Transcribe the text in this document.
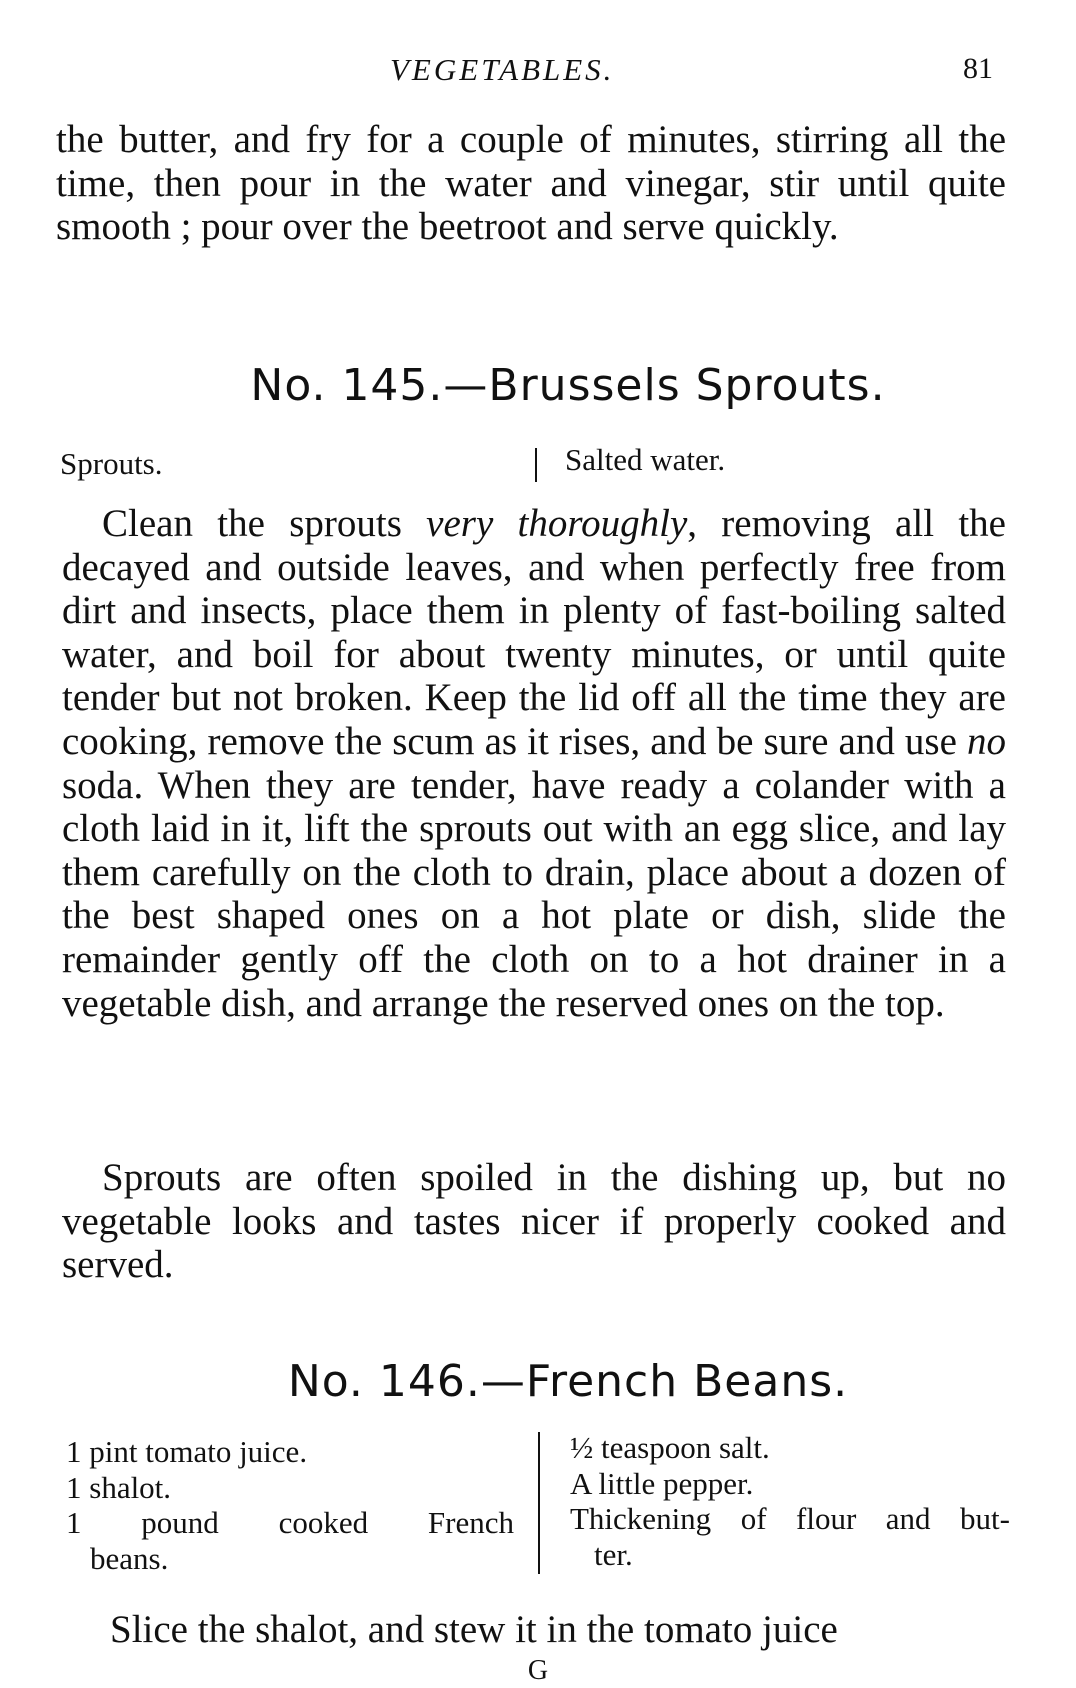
VEGETABLES.	81

the butter, and fry for a couple of minutes, stirring all the time, then pour in the water and vinegar, stir until quite smooth ; pour over the beetroot and serve quickly.

No. 145.—Brussels Sprouts.
Sprouts.	Salted water.

Clean the sprouts very thoroughly, removing all the decayed and outside leaves, and when perfectly free from dirt and insects, place them in plenty of fast-boiling salted water, and boil for about twenty minutes, or until quite tender but not broken. Keep the lid off all the time they are cooking, remove the scum as it rises, and be sure and use no soda. When they are tender, have ready a colander with a cloth laid in it, lift the sprouts out with an egg slice, and lay them carefully on the cloth to drain, place about a dozen of the best shaped ones on a hot plate or dish, slide the remainder gently off the cloth on to a hot drainer in a vegetable dish, and arrange the reserved ones on the top.

Sprouts are often spoiled in the dishing up, but no vegetable looks and tastes nicer if properly cooked and served.

No. 146.—French Beans.
1 pint tomato juice.
1 shalot.
1 pound cooked French
beans.
½ teaspoon salt.
A little pepper.
Thickening of flour and but-
ter.

Slice the shalot, and stew it in the tomato juice

G
